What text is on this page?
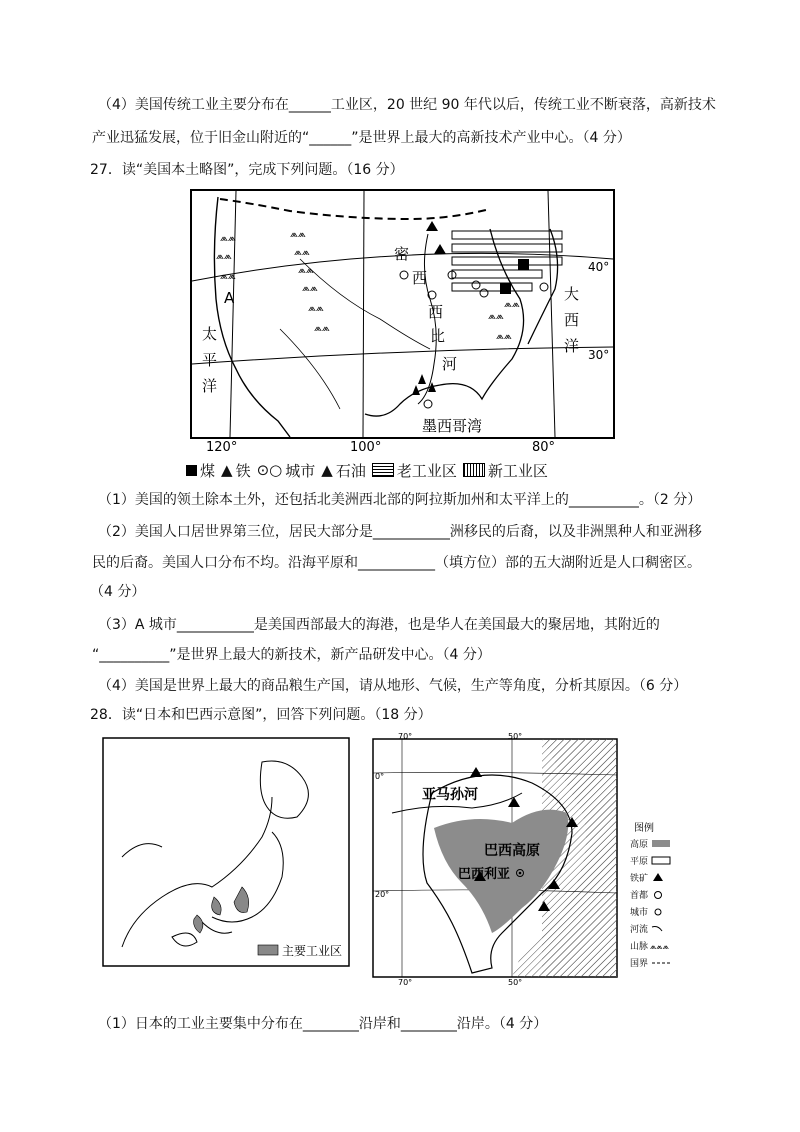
（4）美国传统工业主要分布在______工业区，20 世纪 90 年代以后，传统工业不断衰落，高新技术
产业迅猛发展，位于旧金山附近的“______”是世界上最大的高新技术产业中心。（4 分）
27．读“美国本土略图”，完成下列问题。（16 分）
⩕⩕
⩕⩕
⩕⩕
⩕⩕
⩕⩕
⩕⩕
⩕⩕
⩕⩕
⩕⩕
⩕⩕
⩕⩕
⩕⩕
密
西
西
比
河
A
太
平
洋
大
西
洋
墨西哥湾
40°
30°
120°	100°	80°
煤 ▲ 铁 ⊙○ 城市 ▲ 石油 老工业区 新工业区
（1）美国的领土除本土外，还包括北美洲西北部的阿拉斯加州和太平洋上的__________。（2 分）
（2）美国人口居世界第三位，居民大部分是___________洲移民的后裔，以及非洲黑种人和亚洲移
民的后裔。美国人口分布不均。沿海平原和___________（填方位）部的五大湖附近是人口稠密区。
（4 分）
（3）A 城市___________是美国西部最大的海港，也是华人在美国最大的聚居地，其附近的
“__________”是世界上最大的新技术，新产品研发中心。（4 分）
（4）美国是世界上最大的商品粮生产国，请从地形、气候，生产等角度，分析其原因。（6 分）
28．读“日本和巴西示意图”，回答下列问题。（18 分）
主要工业区
亚马孙河
巴西高原
巴西利亚
70°	50°
70°	50°
0°
20°
图例
高原
平原
铁矿
首都
城市
河流
山脉 ⩕⩕⩕
国界
（1）日本的工业主要集中分布在________沿岸和________沿岸。（4 分）
